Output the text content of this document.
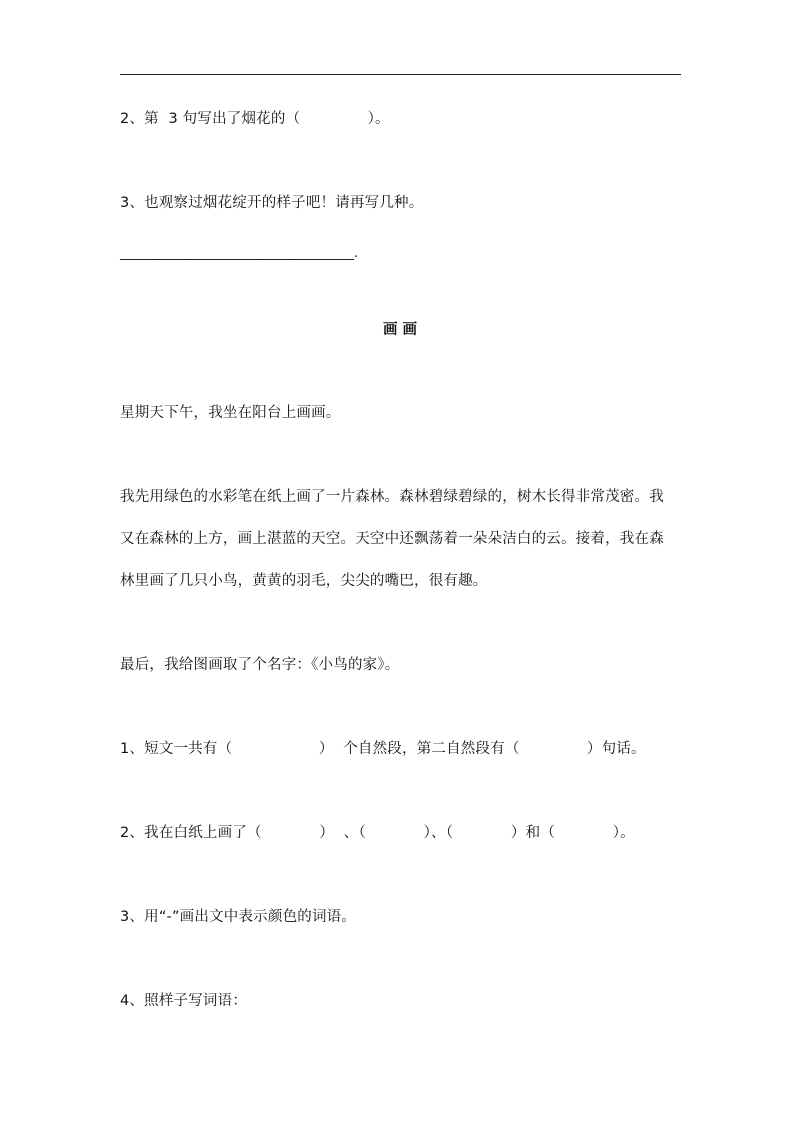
2、第  3 句写出了烟花的（              ）。
3、也观察过烟花绽开的样子吧！请再写几种。
____________________________________.
画 画
星期天下午，我坐在阳台上画画。
我先用绿色的水彩笔在纸上画了一片森林。森林碧绿碧绿的，树木长得非常茂密。我
又在森林的上方，画上湛蓝的天空。天空中还飘荡着一朵朵洁白的云。接着，我在森
林里画了几只小鸟，黄黄的羽毛，尖尖的嘴巴，很有趣。
最后，我给图画取了个名字：《小鸟的家》。
1、短文一共有（                  ）  个自然段，第二自然段有（              ）句话。
2、我在白纸上画了（            ）  、（            ）、（            ）和（            ）。
3、用“-”画出文中表示颜色的词语。
4、照样子写词语：
